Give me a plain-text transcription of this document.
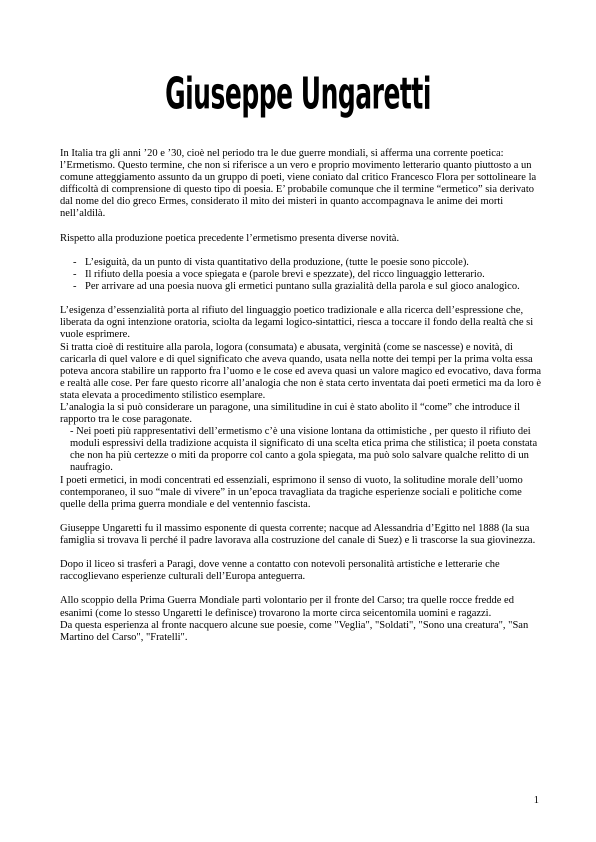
Giuseppe Ungaretti

In Italia tra gli anni ’20 e ’30, cioè nel periodo tra le due guerre mondiali, si afferma una corrente poetica: l’Ermetismo. Questo termine, che non si riferisce a un vero e proprio movimento letterario quanto piuttosto a un comune atteggiamento assunto da un gruppo di poeti, viene coniato dal critico Francesco Flora per sottolineare la difficoltà di comprensione di questo tipo di poesia. E’ probabile comunque che il termine “ermetico” sia derivato dal nome del dio greco Ermes, considerato il mito dei misteri in quanto accompagnava le anime dei morti nell’aldilà.

Rispetto alla produzione poetica precedente l’ermetismo presenta diverse novità.

- L’esiguità, da un punto di vista quantitativo della produzione, (tutte le poesie sono piccole).
- Il rifiuto della poesia a voce spiegata e (parole brevi e spezzate), del ricco linguaggio letterario.
- Per arrivare ad una poesia nuova gli ermetici puntano sulla grazialità della parola e sul gioco analogico.

L’esigenza d’essenzialità porta al rifiuto del linguaggio poetico tradizionale e alla ricerca dell’espressione che, liberata da ogni intenzione oratoria, sciolta da legami logico-sintattici, riesca a toccare il fondo della realtà che si vuole esprimere.

Si tratta cioè di restituire alla parola, logora (consumata) e abusata, verginità (come se nascesse) e novità, di caricarla di quel valore e di quel significato che aveva quando, usata nella notte dei tempi per la prima volta essa poteva ancora stabilire un rapporto fra l’uomo e le cose ed aveva quasi un valore magico ed evocativo, dava forma e realtà alle cose. Per fare questo ricorre all’analogia che non è stata certo inventata dai poeti ermetici ma da loro è stata elevata a procedimento stilistico esemplare.

L’analogia la si può considerare un paragone, una similitudine in cui è stato abolito il “come” che introduce il rapporto tra le cose paragonate.

- Nei poeti più rappresentativi dell’ermetismo c’è una visione lontana da ottimistiche , per questo il rifiuto dei moduli espressivi della tradizione acquista il significato di una scelta etica prima che stilistica; il poeta constata che non ha più certezze o miti da proporre col canto a gola spiegata, ma può solo salvare qualche relitto di un naufragio.

I poeti ermetici, in modi concentrati ed essenziali, esprimono il senso di vuoto, la solitudine morale dell’uomo contemporaneo, il suo “male di vivere” in un’epoca travagliata da tragiche esperienze sociali e politiche come quelle della prima guerra mondiale e del ventennio fascista.

Giuseppe Ungaretti fu il massimo esponente di questa corrente; nacque ad Alessandria d’Egitto nel 1888 (la sua famiglia si trovava lì perché il padre lavorava alla costruzione del canale di Suez) e lì trascorse la sua giovinezza.

Dopo il liceo si trasferì a Paragi, dove venne a contatto con notevoli personalità artistiche e letterarie che raccoglievano esperienze culturali dell’Europa anteguerra.

Allo scoppio della Prima Guerra Mondiale partì volontario per il fronte del Carso; tra quelle rocce fredde ed esanimi (come lo stesso Ungaretti le definisce) trovarono la morte circa seicentomila uomini e ragazzi.

Da questa esperienza al fronte nacquero alcune sue poesie, come "Veglia", "Soldati", "Sono una creatura", "San Martino del Carso", "Fratelli".

1
